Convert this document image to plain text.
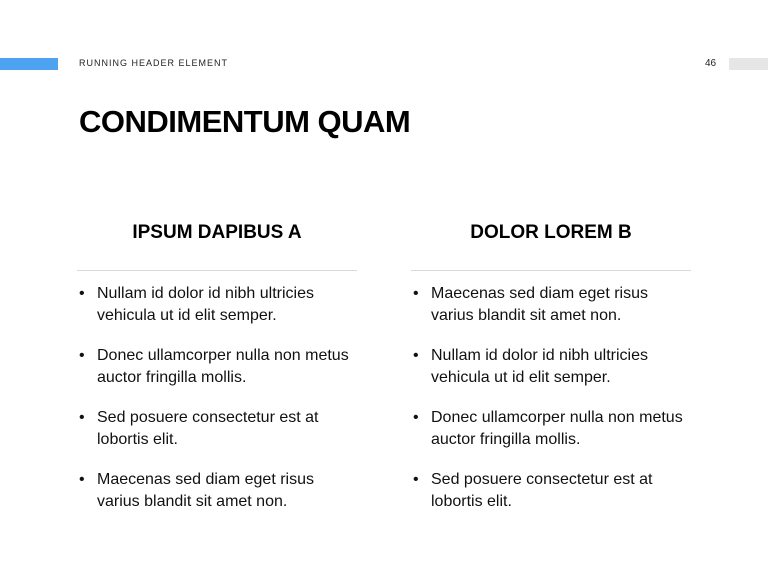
RUNNING HEADER ELEMENT	46
CONDIMENTUM QUAM
IPSUM DAPIBUS A
• Nullam id dolor id nibh ultricies vehicula ut id elit semper.
• Donec ullamcorper nulla non metus auctor fringilla mollis.
• Sed posuere consectetur est at lobortis elit.
• Maecenas sed diam eget risus varius blandit sit amet non.
DOLOR LOREM B
• Maecenas sed diam eget risus varius blandit sit amet non.
• Nullam id dolor id nibh ultricies vehicula ut id elit semper.
• Donec ullamcorper nulla non metus auctor fringilla mollis.
• Sed posuere consectetur est at lobortis elit.
